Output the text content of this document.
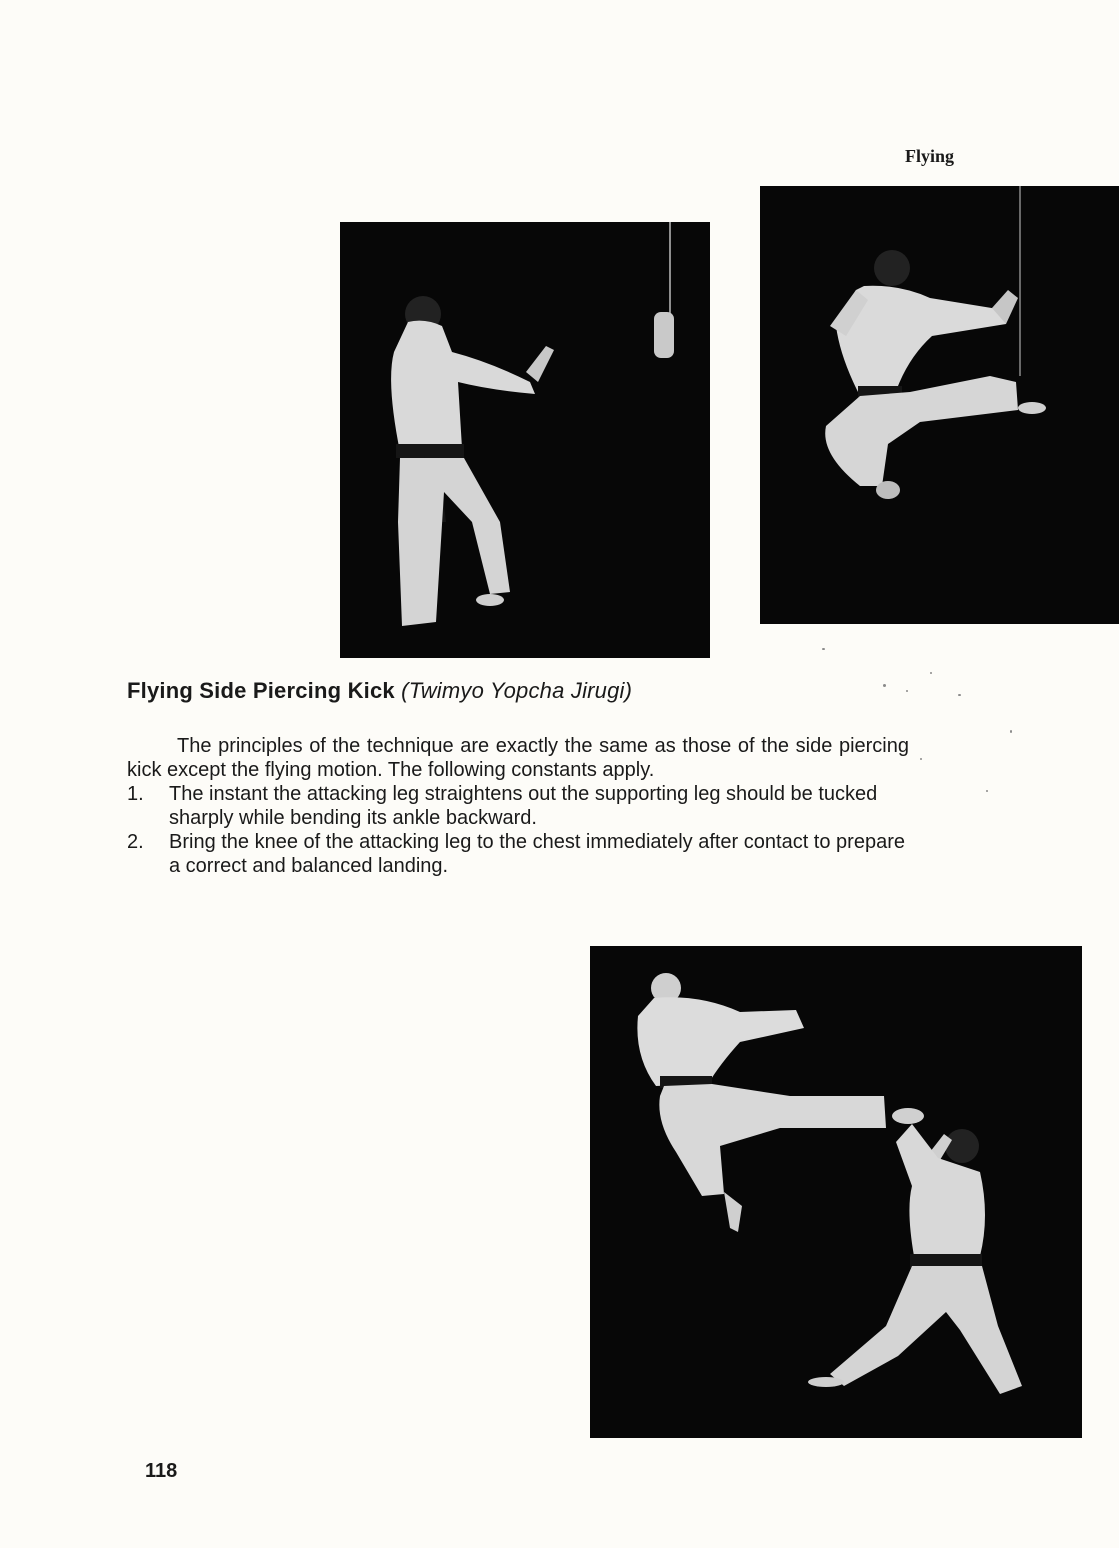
Flying
Flying Side Piercing Kick (Twimyo Yopcha Jirugi)

The principles of the technique are exactly the same as those of the side piercing kick except the flying motion. The following constants apply.

1. The instant the attacking leg straightens out the supporting leg should be tucked sharply while bending its ankle backward.
2. Bring the knee of the attacking leg to the chest immediately after contact to prepare a correct and balanced landing.
118
